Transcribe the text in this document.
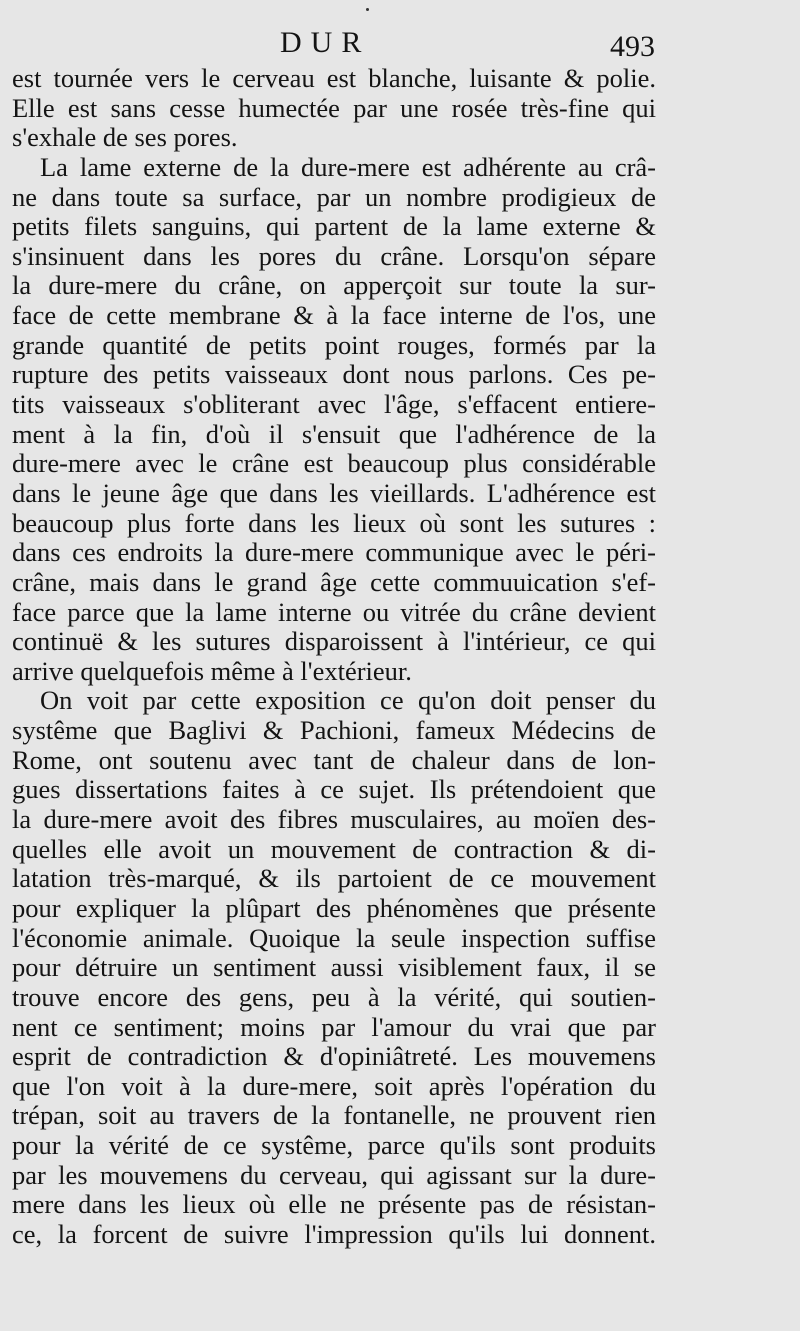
DUR	493
est tournée vers le cerveau est blanche, luisante & polie.
Elle est sans cesse humectée par une rosée très-fine qui
s'exhale de ses pores.
La lame externe de la dure-mere est adhérente au crâ-
ne dans toute sa surface, par un nombre prodigieux de
petits filets sanguins, qui partent de la lame externe &
s'insinuent dans les pores du crâne. Lorsqu'on sépare
la dure-mere du crâne, on apperçoit sur toute la sur-
face de cette membrane & à la face interne de l'os, une
grande quantité de petits point rouges, formés par la
rupture des petits vaisseaux dont nous parlons. Ces pe-
tits vaisseaux s'obliterant avec l'âge, s'effacent entiere-
ment à la fin, d'où il s'ensuit que l'adhérence de la
dure-mere avec le crâne est beaucoup plus considérable
dans le jeune âge que dans les vieillards. L'adhérence est
beaucoup plus forte dans les lieux où sont les sutures :
dans ces endroits la dure-mere communique avec le péri-
crâne, mais dans le grand âge cette commuuication s'ef-
face parce que la lame interne ou vitrée du crâne devient
continuë & les sutures disparoissent à l'intérieur, ce qui
arrive quelquefois même à l'extérieur.
On voit par cette exposition ce qu'on doit penser du
systême que Baglivi & Pachioni, fameux Médecins de
Rome, ont soutenu avec tant de chaleur dans de lon-
gues dissertations faites à ce sujet. Ils prétendoient que
la dure-mere avoit des fibres musculaires, au moïen des-
quelles elle avoit un mouvement de contraction & di-
latation très-marqué, & ils partoient de ce mouvement
pour expliquer la plûpart des phénomènes que présente
l'économie animale. Quoique la seule inspection suffise
pour détruire un sentiment aussi visiblement faux, il se
trouve encore des gens, peu à la vérité, qui soutien-
nent ce sentiment; moins par l'amour du vrai que par
esprit de contradiction & d'opiniâtreté. Les mouvemens
que l'on voit à la dure-mere, soit après l'opération du
trépan, soit au travers de la fontanelle, ne prouvent rien
pour la vérité de ce systême, parce qu'ils sont produits
par les mouvemens du cerveau, qui agissant sur la dure-
mere dans les lieux où elle ne présente pas de résistan-
ce, la forcent de suivre l'impression qu'ils lui donnent.
